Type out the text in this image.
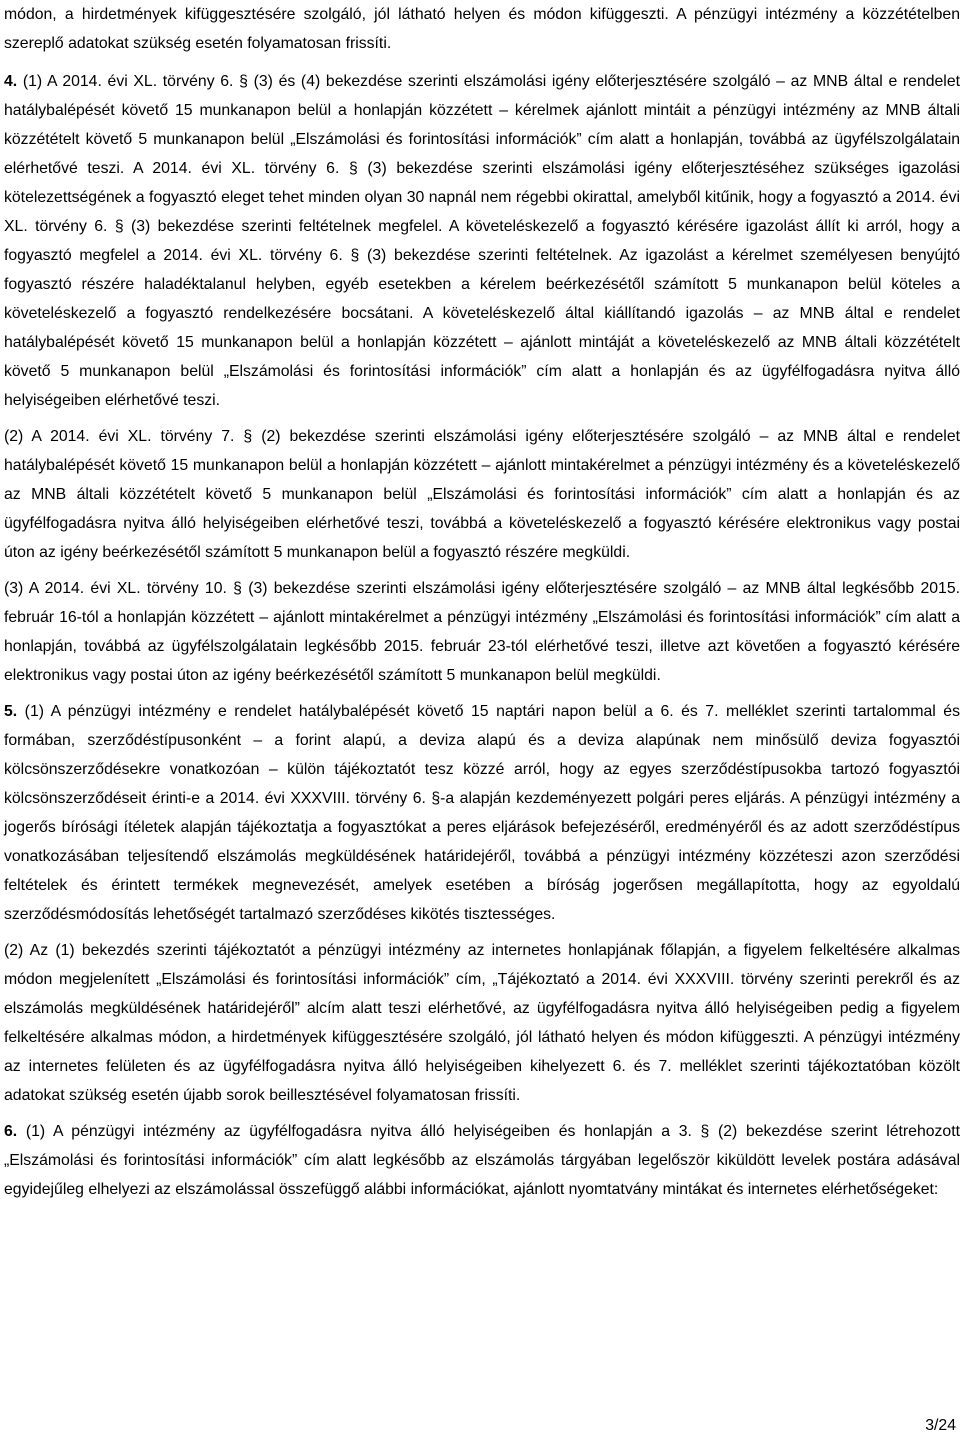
módon, a hirdetmények kifüggesztésére szolgáló, jól látható helyen és módon kifüggeszti. A pénzügyi intézmény a közzétételben szereplő adatokat szükség esetén folyamatosan frissíti.

4. (1) A 2014. évi XL. törvény 6. § (3) és (4) bekezdése szerinti elszámolási igény előterjesztésére szolgáló – az MNB által e rendelet hatálybalépését követő 15 munkanapon belül a honlapján közzétett – kérelmek ajánlott mintáit a pénzügyi intézmény az MNB általi közzétételt követő 5 munkanapon belül „Elszámolási és forintosítási információk” cím alatt a honlapján, továbbá az ügyfélszolgálatain elérhetővé teszi. A 2014. évi XL. törvény 6. § (3) bekezdése szerinti elszámolási igény előterjesztéséhez szükséges igazolási kötelezettségének a fogyasztó eleget tehet minden olyan 30 napnál nem régebbi okirattal, amelyből kitűnik, hogy a fogyasztó a 2014. évi XL. törvény 6. § (3) bekezdése szerinti feltételnek megfelel. A követeléskezelő a fogyasztó kérésére igazolást állít ki arról, hogy a fogyasztó megfelel a 2014. évi XL. törvény 6. § (3) bekezdése szerinti feltételnek. Az igazolást a kérelmet személyesen benyújtó fogyasztó részére haladéktalanul helyben, egyéb esetekben a kérelem beérkezésétől számított 5 munkanapon belül köteles a követeléskezelő a fogyasztó rendelkezésére bocsátani. A követeléskezelő által kiállítandó igazolás – az MNB által e rendelet hatálybalépését követő 15 munkanapon belül a honlapján közzétett – ajánlott mintáját a követeléskezelő az MNB általi közzétételt követő 5 munkanapon belül „Elszámolási és forintosítási információk” cím alatt a honlapján és az ügyfélfogadásra nyitva álló helyiségeiben elérhetővé teszi.

(2) A 2014. évi XL. törvény 7. § (2) bekezdése szerinti elszámolási igény előterjesztésére szolgáló – az MNB által e rendelet hatálybalépését követő 15 munkanapon belül a honlapján közzétett – ajánlott mintakérelmet a pénzügyi intézmény és a követeléskezelő az MNB általi közzétételt követő 5 munkanapon belül „Elszámolási és forintosítási információk” cím alatt a honlapján és az ügyfélfogadásra nyitva álló helyiségeiben elérhetővé teszi, továbbá a követeléskezelő a fogyasztó kérésére elektronikus vagy postai úton az igény beérkezésétől számított 5 munkanapon belül a fogyasztó részére megküldi.

(3) A 2014. évi XL. törvény 10. § (3) bekezdése szerinti elszámolási igény előterjesztésére szolgáló – az MNB által legkésőbb 2015. február 16-tól a honlapján közzétett – ajánlott mintakérelmet a pénzügyi intézmény „Elszámolási és forintosítási információk” cím alatt a honlapján, továbbá az ügyfélszolgálatain legkésőbb 2015. február 23-tól elérhetővé teszi, illetve azt követően a fogyasztó kérésére elektronikus vagy postai úton az igény beérkezésétől számított 5 munkanapon belül megküldi.

5. (1) A pénzügyi intézmény e rendelet hatálybalépését követő 15 naptári napon belül a 6. és 7. melléklet szerinti tartalommal és formában, szerződéstípusonként – a forint alapú, a deviza alapú és a deviza alapúnak nem minősülő deviza fogyasztói kölcsönszerződésekre vonatkozóan – külön tájékoztatót tesz közzé arról, hogy az egyes szerződéstípusokba tartozó fogyasztói kölcsönszerződéseit érinti-e a 2014. évi XXXVIII. törvény 6. §-a alapján kezdeményezett polgári peres eljárás. A pénzügyi intézmény a jogerős bírósági ítéletek alapján tájékoztatja a fogyasztókat a peres eljárások befejezéséről, eredményéről és az adott szerződéstípus vonatkozásában teljesítendő elszámolás megküldésének határidejéről, továbbá a pénzügyi intézmény közzéteszi azon szerződési feltételek és érintett termékek megnevezését, amelyek esetében a bíróság jogerősen megállapította, hogy az egyoldalú szerződésmódosítás lehetőségét tartalmazó szerződéses kikötés tisztességes.

(2) Az (1) bekezdés szerinti tájékoztatót a pénzügyi intézmény az internetes honlapjának főlapján, a figyelem felkeltésére alkalmas módon megjelenített „Elszámolási és forintosítási információk” cím, „Tájékoztató a 2014. évi XXXVIII. törvény szerinti perekről és az elszámolás megküldésének határidejéről” alcím alatt teszi elérhetővé, az ügyfélfogadásra nyitva álló helyiségeiben pedig a figyelem felkeltésére alkalmas módon, a hirdetmények kifüggesztésére szolgáló, jól látható helyen és módon kifüggeszti. A pénzügyi intézmény az internetes felületen és az ügyfélfogadásra nyitva álló helyiségeiben kihelyezett 6. és 7. melléklet szerinti tájékoztatóban közölt adatokat szükség esetén újabb sorok beillesztésével folyamatosan frissíti.

6. (1) A pénzügyi intézmény az ügyfélfogadásra nyitva álló helyiségeiben és honlapján a 3. § (2) bekezdése szerint létrehozott „Elszámolási és forintosítási információk” cím alatt legkésőbb az elszámolás tárgyában legelőször kiküldött levelek postára adásával egyidejűleg elhelyezi az elszámolással összefüggő alábbi információkat, ajánlott nyomtatvány mintákat és internetes elérhetőségeket:

3/24
